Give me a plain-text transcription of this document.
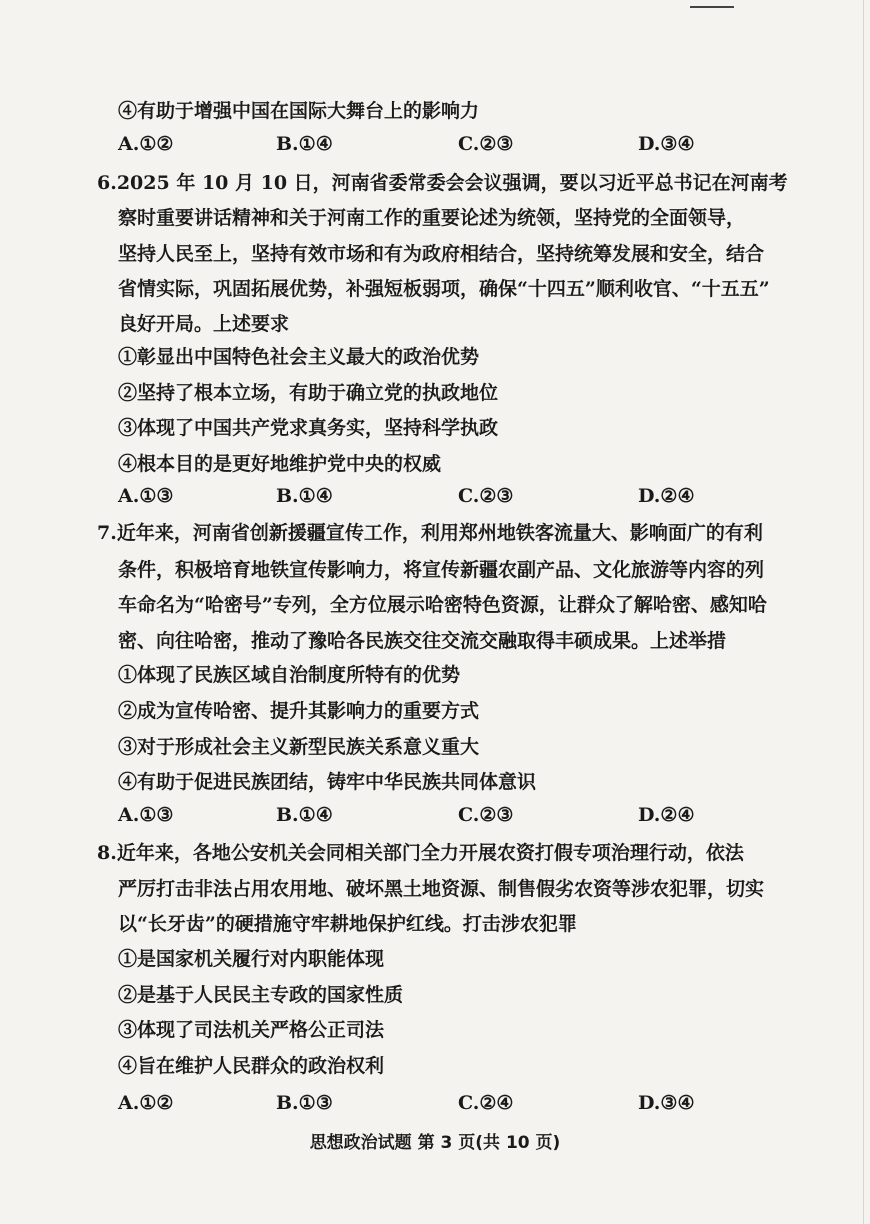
④有助于增强中国在国际大舞台上的影响力
A.①②	B.①④	C.②③	D.③④
6.2025 年 10 月 10 日，河南省委常委会会议强调，要以习近平总书记在河南考
察时重要讲话精神和关于河南工作的重要论述为统领，坚持党的全面领导，
坚持人民至上，坚持有效市场和有为政府相结合，坚持统筹发展和安全，结合
省情实际，巩固拓展优势，补强短板弱项，确保“十四五”顺利收官、“十五五”
良好开局。上述要求
①彰显出中国特色社会主义最大的政治优势
②坚持了根本立场，有助于确立党的执政地位
③体现了中国共产党求真务实，坚持科学执政
④根本目的是更好地维护党中央的权威
A.①③	B.①④	C.②③	D.②④
7.近年来，河南省创新援疆宣传工作，利用郑州地铁客流量大、影响面广的有利
条件，积极培育地铁宣传影响力，将宣传新疆农副产品、文化旅游等内容的列
车命名为“哈密号”专列，全方位展示哈密特色资源，让群众了解哈密、感知哈
密、向往哈密，推动了豫哈各民族交往交流交融取得丰硕成果。上述举措
①体现了民族区域自治制度所特有的优势
②成为宣传哈密、提升其影响力的重要方式
③对于形成社会主义新型民族关系意义重大
④有助于促进民族团结，铸牢中华民族共同体意识
A.①③	B.①④	C.②③	D.②④
8.近年来，各地公安机关会同相关部门全力开展农资打假专项治理行动，依法
严厉打击非法占用农用地、破坏黑土地资源、制售假劣农资等涉农犯罪，切实
以“长牙齿”的硬措施守牢耕地保护红线。打击涉农犯罪
①是国家机关履行对内职能体现
②是基于人民民主专政的国家性质
③体现了司法机关严格公正司法
④旨在维护人民群众的政治权利
A.①②	B.①③	C.②④	D.③④
思想政治试题 第 3 页(共 10 页)
